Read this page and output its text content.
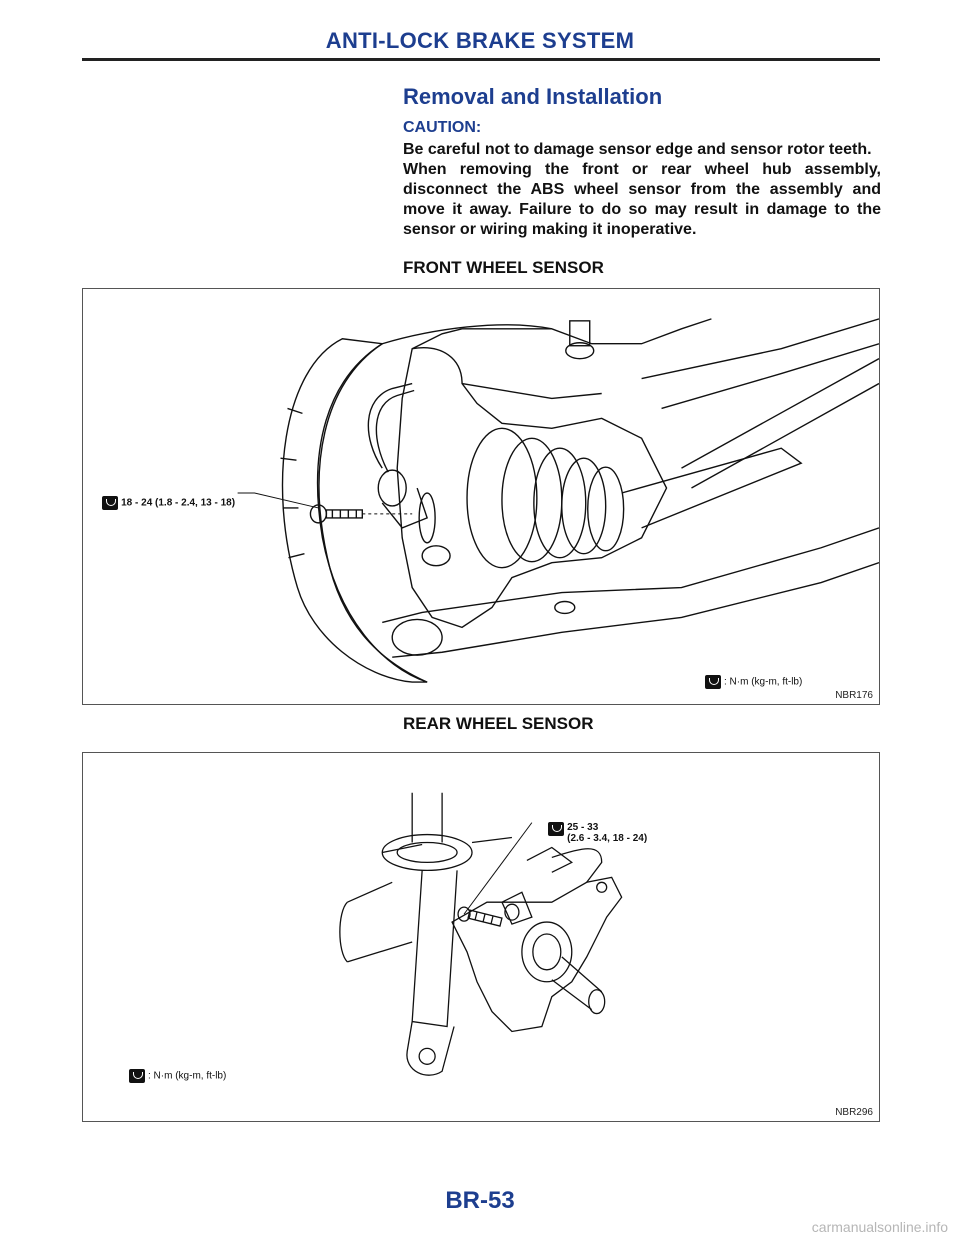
ANTI-LOCK BRAKE SYSTEM
Removal and Installation
CAUTION:

Be careful not to damage sensor edge and sensor rotor teeth.

When removing the front or rear wheel hub assembly, disconnect the ABS wheel sensor from the assembly and move it away. Failure to do so may result in damage to the sensor or wiring making it inoperative.

FRONT WHEEL SENSOR

18 - 24 (1.8 - 2.4, 13 - 18)

: N·m (kg-m, ft-lb)
NBR176
REAR WHEEL SENSOR

25 - 33
(2.6 - 3.4, 18 - 24)

: N·m (kg-m, ft-lb)
NBR296
BR-53
carmanualsonline.info
